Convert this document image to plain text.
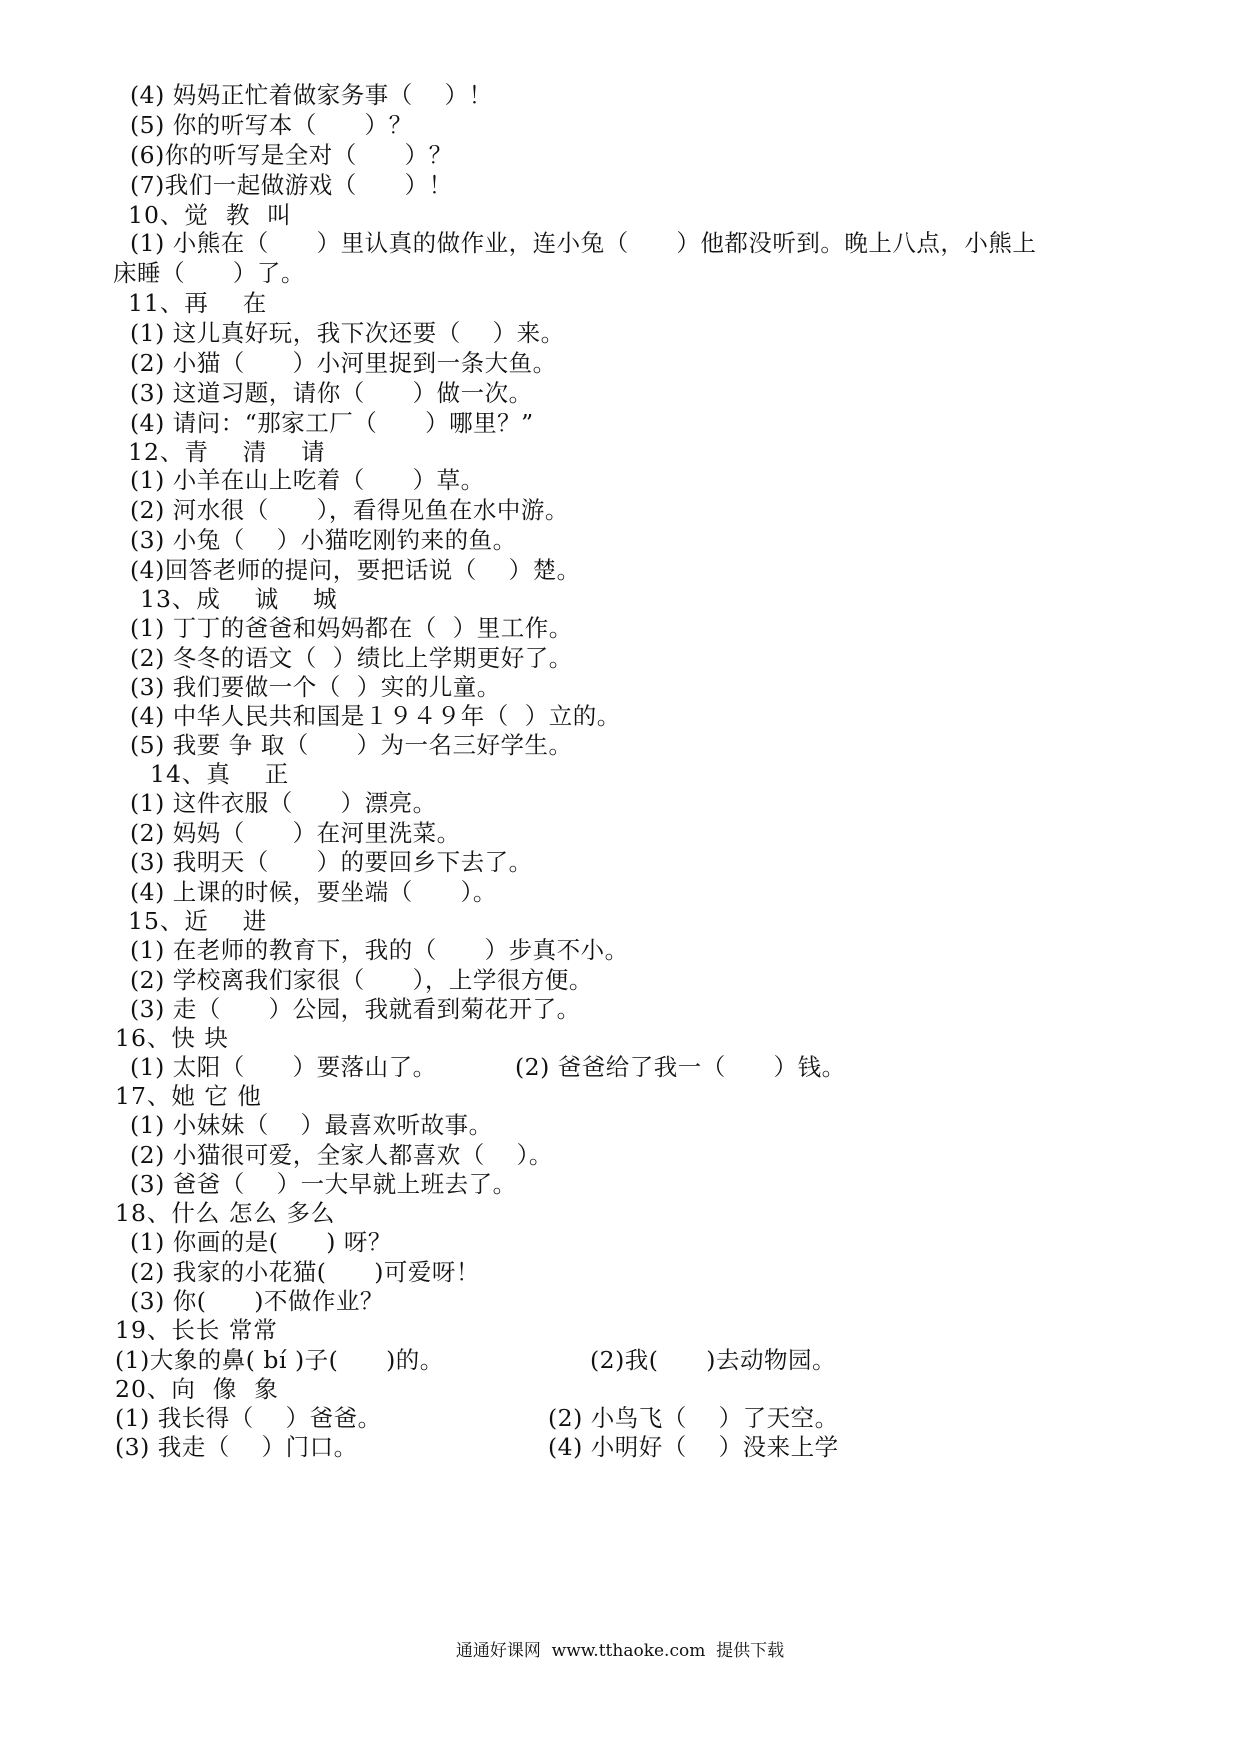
(4) 妈妈正忙着做家务事（    ）！
(5) 你的听写本（      ）？
(6)你的听写是全对（      ）？
(7)我们一起做游戏（      ）！
10、觉  教  叫
(1) 小熊在（      ）里认真的做作业，连小兔（      ）他都没听到。晚上八点，小熊上
床睡（      ）了。
11、再    在
(1) 这儿真好玩，我下次还要（    ）来。
(2) 小猫（      ）小河里捉到一条大鱼。
(3) 这道习题，请你（      ）做一次。
(4) 请问：“那家工厂（      ）哪里？”
12、青    清    请
(1) 小羊在山上吃着（      ）草。
(2) 河水很（      ），看得见鱼在水中游。
(3) 小兔（    ）小猫吃刚钓来的鱼。
(4)回答老师的提问，要把话说（    ）楚。
13、成    诚    城
(1) 丁丁的爸爸和妈妈都在（  ）里工作。
(2) 冬冬的语文（  ）绩比上学期更好了。
(3) 我们要做一个（  ）实的儿童。
(4) 中华人民共和国是１９４９年（  ）立的。
(5) 我要 争 取（      ）为一名三好学生。
14、真    正
(1) 这件衣服（      ）漂亮。
(2) 妈妈（      ）在河里洗菜。
(3) 我明天（      ）的要回乡下去了。
(4) 上课的时候，要坐端（      ）。
15、近    进
(1) 在老师的教育下，我的（      ）步真不小。
(2) 学校离我们家很（      ），上学很方便。
(3) 走（      ）公园，我就看到菊花开了。
16、快 块
(1) 太阳（      ）要落山了。	(2) 爸爸给了我一（      ）钱。
17、她 它 他
(1) 小妹妹（    ）最喜欢听故事。
(2) 小猫很可爱，全家人都喜欢（    ）。
(3) 爸爸（    ）一大早就上班去了。
18、什么 怎么 多么
(1) 你画的是(      ) 呀？
(2) 我家的小花猫(      )可爱呀！
(3) 你(      )不做作业？
19、长长 常常
(1)大象的鼻( bí )子(      )的。	(2)我(      )去动物园。
20、向  像  象
(1) 我长得（    ）爸爸。	(2) 小鸟飞（    ）了天空。
(3) 我走（    ）门口。	(4) 小明好（    ）没来上学
通通好课网  www.tthaoke.com  提供下载
